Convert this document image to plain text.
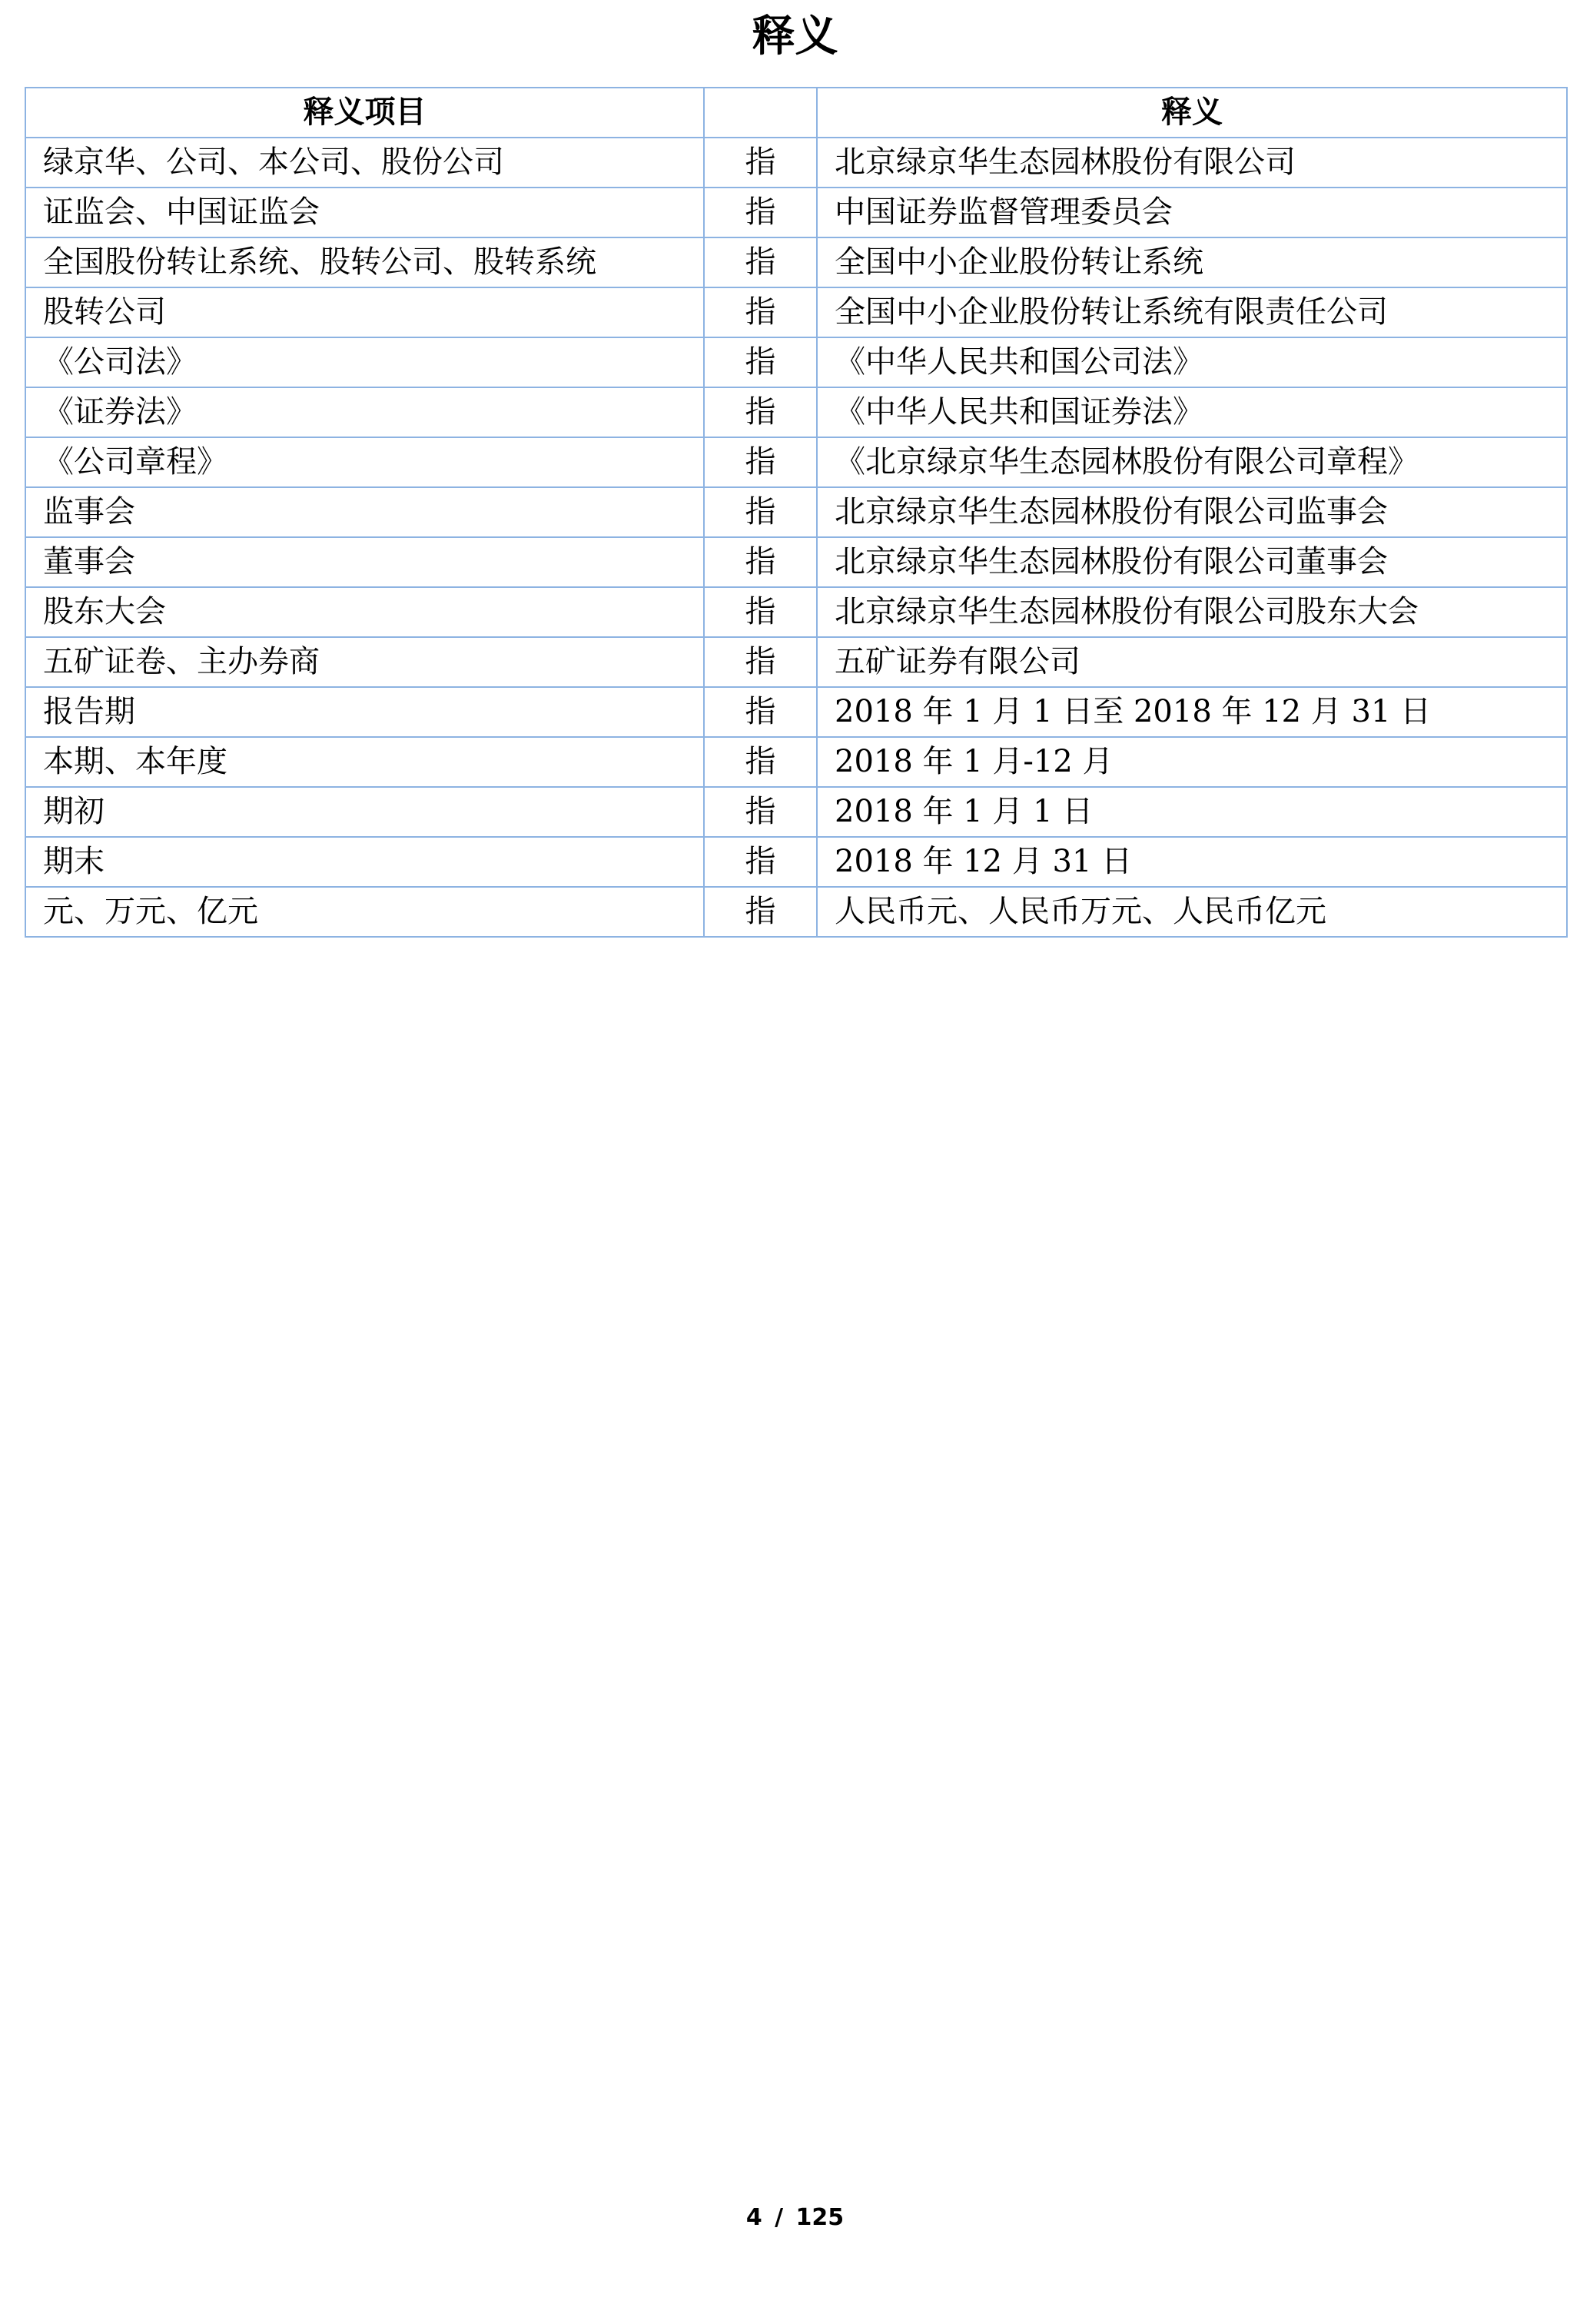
释义
释义项目		释义
绿京华、公司、本公司、股份公司	指	北京绿京华生态园林股份有限公司
证监会、中国证监会	指	中国证券监督管理委员会
全国股份转让系统、股转公司、股转系统	指	全国中小企业股份转让系统
股转公司	指	全国中小企业股份转让系统有限责任公司
《公司法》	指	《中华人民共和国公司法》
《证券法》	指	《中华人民共和国证券法》
《公司章程》	指	《北京绿京华生态园林股份有限公司章程》
监事会	指	北京绿京华生态园林股份有限公司监事会
董事会	指	北京绿京华生态园林股份有限公司董事会
股东大会	指	北京绿京华生态园林股份有限公司股东大会
五矿证卷、主办券商	指	五矿证券有限公司
报告期	指	2018 年 1 月 1 日至 2018 年 12 月 31 日
本期、本年度	指	2018 年 1 月-12 月
期初	指	2018 年 1 月 1 日
期末	指	2018 年 12 月 31 日
元、万元、亿元	指	人民币元、人民币万元、人民币亿元
4 / 125
